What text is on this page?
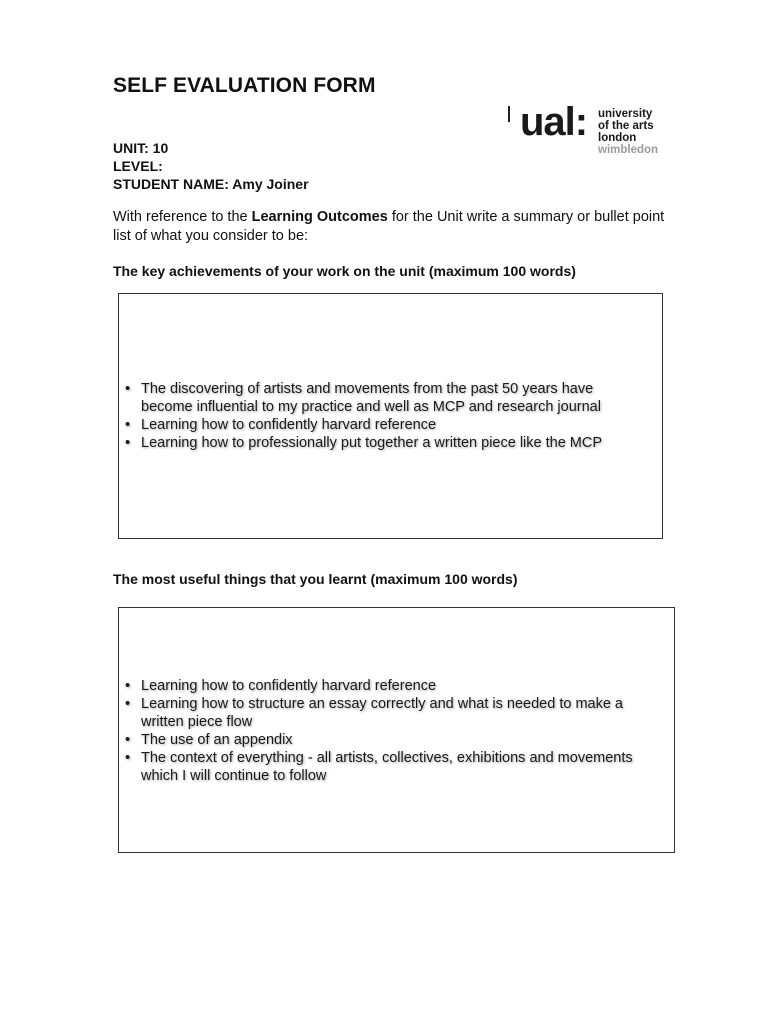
SELF EVALUATION FORM
ual: university
of the arts
london
wimbledon
UNIT: 10
LEVEL:
STUDENT NAME: Amy Joiner

With reference to the Learning Outcomes for the Unit write a summary or bullet point list of what you consider to be:

The key achievements of your work on the unit (maximum 100 words)
• The discovering of artists and movements from the past 50 years have become influential to my practice and well as MCP and research journal
• Learning how to confidently harvard reference
• Learning how to professionally put together a written piece like the MCP
The most useful things that you learnt (maximum 100 words)
• Learning how to confidently harvard reference
• Learning how to structure an essay correctly and what is needed to make a written piece flow
• The use of an appendix
• The context of everything - all artists, collectives, exhibitions and movements which I will continue to follow
